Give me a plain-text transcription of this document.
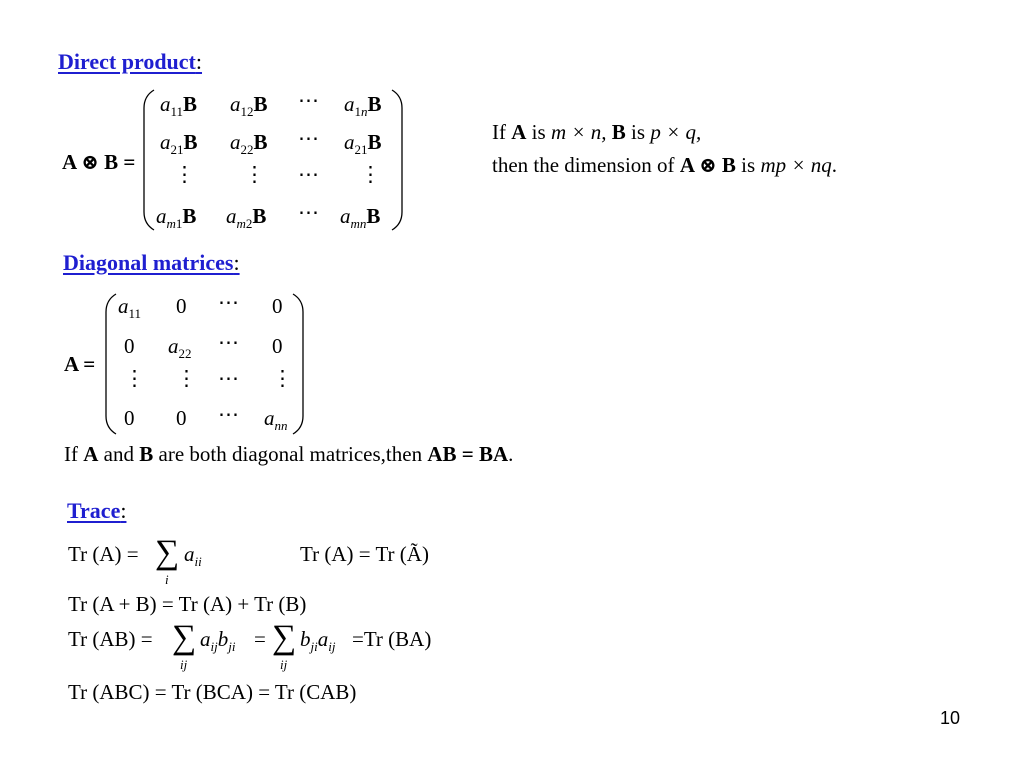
Direct product:
A ⊗ B =
$a_{11}B$ $a_{12}B$ ⋯ $a_{1n}B$
$a_{21}B$ $a_{22}B$ ⋯ $a_{21}B$
⋮ ⋮ ⋯ ⋮
$a_{m1}B$ $a_{m2}B$ ⋯ $a_{mn}B$
If A is m × n, B is p × q,
then the dimension of A ⊗ B is mp × nq.
Diagonal matrices:
A =
$a_{11}$ 0 ⋯ 0
0 $a_{22}$ ⋯ 0
⋮ ⋮ ⋯ ⋮
0 0 ⋯ $a_{nn}$
If A and B are both diagonal matrices,then AB = BA.
Trace:
Tr (A) = ∑
i
$a_{ii}$	Tr (A) = Tr (Ã)
Tr (A + B) = Tr (A) + Tr (B)
Tr (AB) = ∑
ij
$a_{ij}b_{ji}$ = ∑
ij
$b_{ji}a_{ij} =Tr$ (BA)
Tr (ABC) = Tr (BCA) = Tr (CAB)
10
